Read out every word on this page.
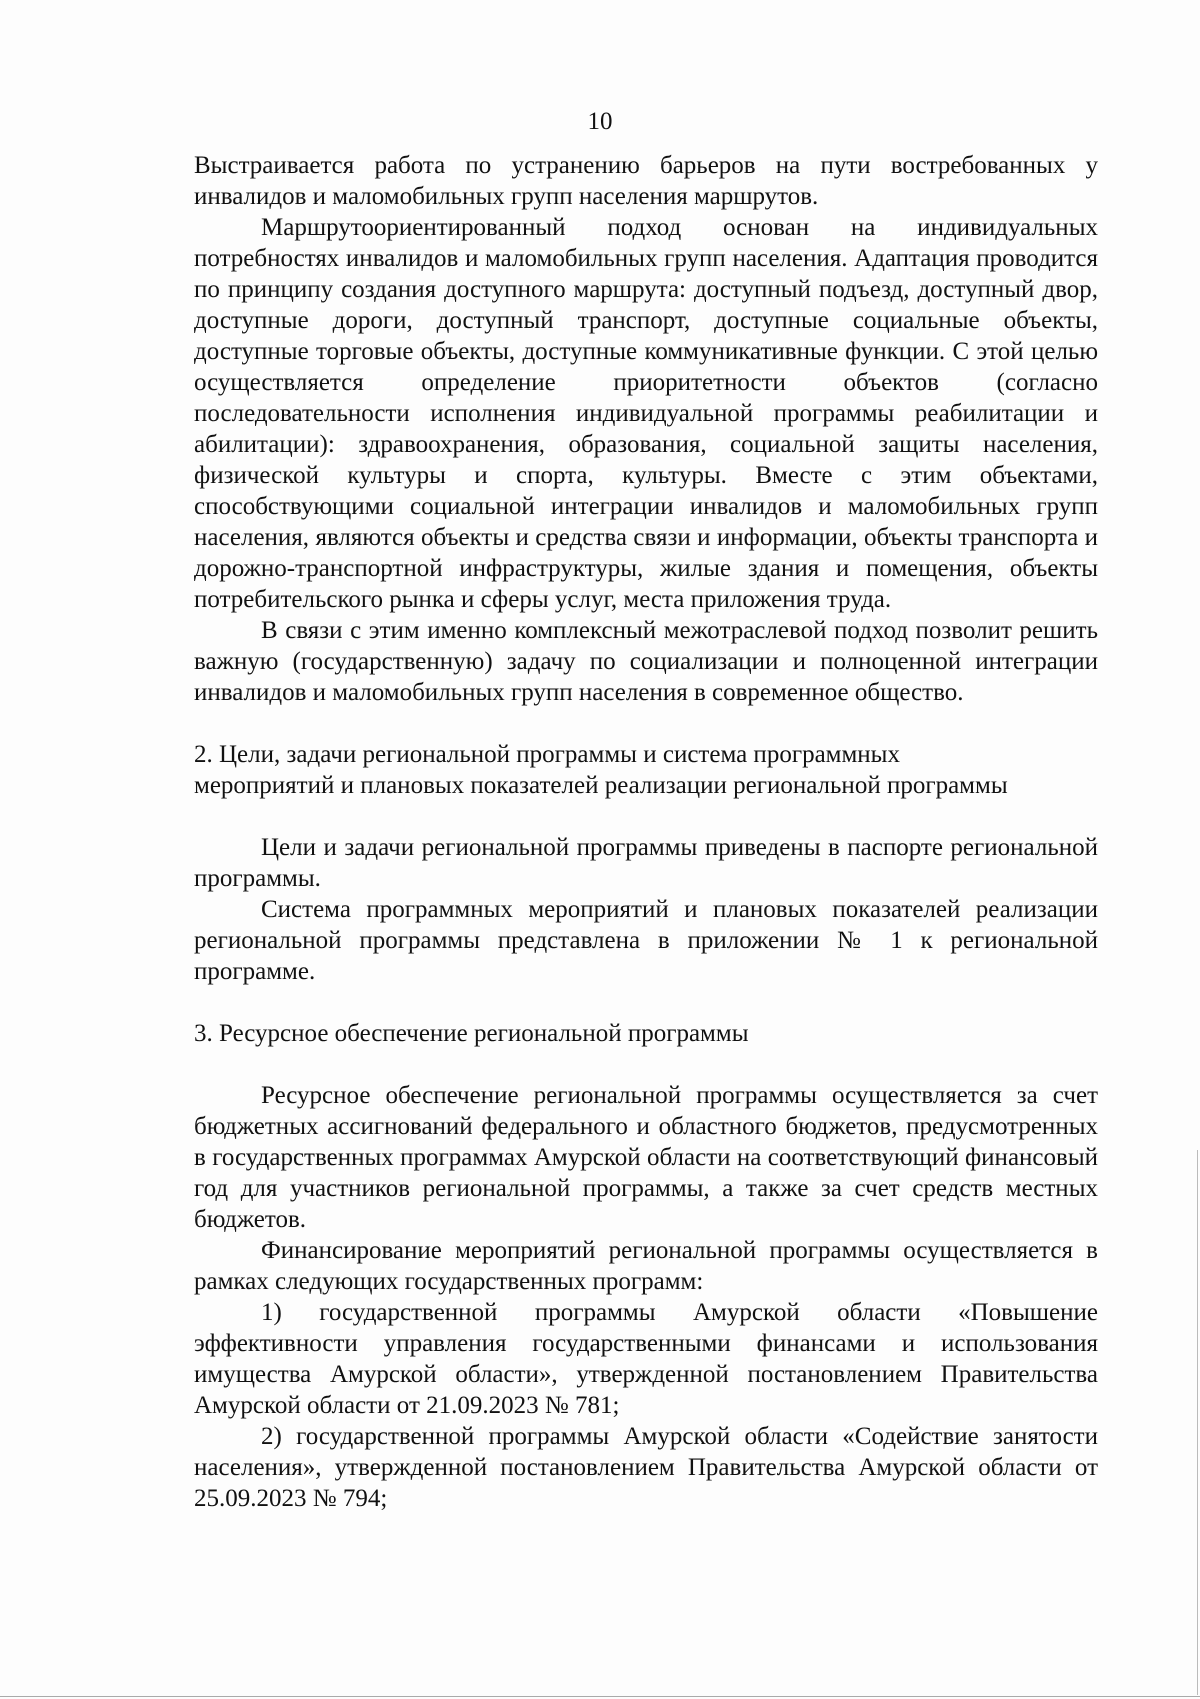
10

Выстраивается работа по устранению барьеров на пути востребованных у инвалидов и маломобильных групп населения маршрутов.

Маршрутоориентированный подход основан на индивидуальных потребностях инвалидов и маломобильных групп населения. Адаптация проводится по принципу создания доступного маршрута: доступный подъезд, доступный двор, доступные дороги, доступный транспорт, доступные социальные объекты, доступные торговые объекты, доступные коммуникативные функции. С этой целью осуществляется определение приоритетности объектов (согласно последовательности исполнения индивидуальной программы реабилитации и абилитации): здравоохранения, образования, социальной защиты населения, физической культуры и спорта, культуры. Вместе с этим объектами, способствующими социальной интеграции инвалидов и маломобильных групп населения, являются объекты и средства связи и информации, объекты транспорта и дорожно-транспортной инфраструктуры, жилые здания и помещения, объекты потребительского рынка и сферы услуг, места приложения труда.

В связи с этим именно комплексный межотраслевой подход позволит решить важную (государственную) задачу по социализации и полноценной интеграции инвалидов и маломобильных групп населения в современное общество.

2. Цели, задачи региональной программы и система программных

мероприятий и плановых показателей реализации региональной программы

Цели и задачи региональной программы приведены в паспорте региональной программы.

Система программных мероприятий и плановых показателей реализации региональной программы представлена в приложении № 1 к региональной программе.

3. Ресурсное обеспечение региональной программы

Ресурсное обеспечение региональной программы осуществляется за счет бюджетных ассигнований федерального и областного бюджетов, предусмотренных в государственных программах Амурской области на соответствующий финансовый год для участников региональной программы, а также за счет средств местных бюджетов.

Финансирование мероприятий региональной программы осуществляется в рамках следующих государственных программ:

1) государственной программы Амурской области «Повышение эффективности управления государственными финансами и использования имущества Амурской области», утвержденной постановлением Правительства Амурской области от 21.09.2023 № 781;

2) государственной программы Амурской области «Содействие занятости населения», утвержденной постановлением Правительства Амурской области от 25.09.2023 № 794;
